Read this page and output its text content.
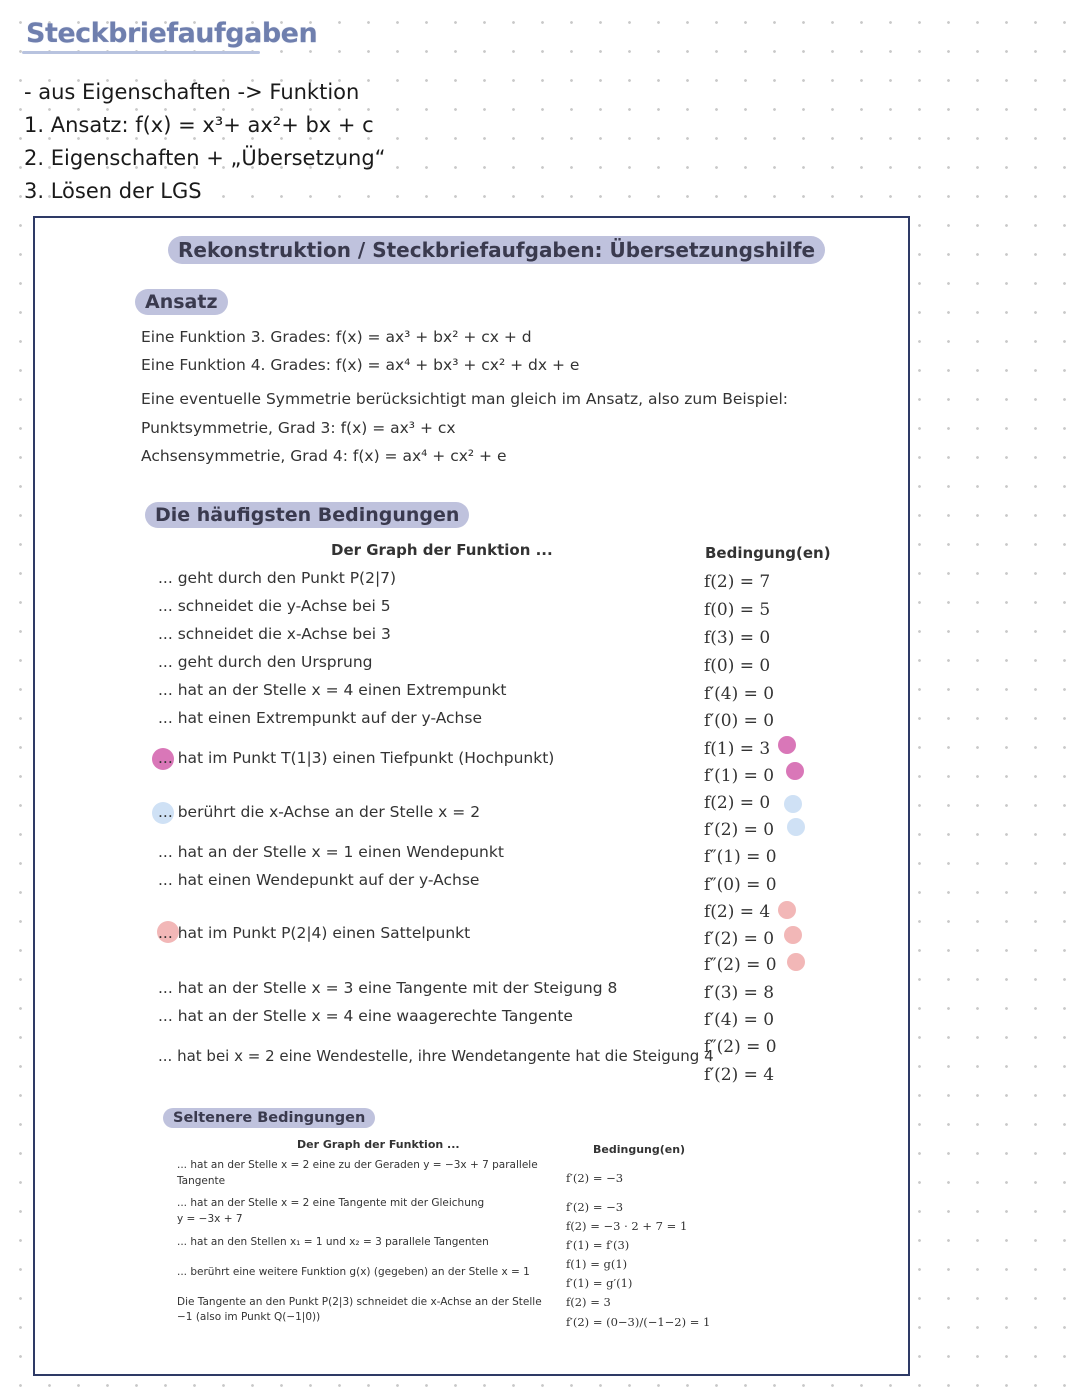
Steckbriefaufgaben
- aus Eigenschaften -> Funktion
1. Ansatz: f(x) = x³+ ax²+ bx + c
2. Eigenschaften + „Übersetzung“
3. Lösen der LGS
Rekonstruktion / Steckbriefaufgaben: Übersetzungshilfe
Ansatz
Eine Funktion 3. Grades: f(x) = ax³ + bx² + cx + d
Eine Funktion 4. Grades: f(x) = ax⁴ + bx³ + cx² + dx + e
Eine eventuelle Symmetrie berücksichtigt man gleich im Ansatz, also zum Beispiel:
Punktsymmetrie, Grad 3: f(x) = ax³ + cx
Achsensymmetrie, Grad 4: f(x) = ax⁴ + cx² + e
Die häufigsten Bedingungen
Der Graph der Funktion ...	Bedingung(en)
... geht durch den Punkt P(2|7)
... schneidet die y-Achse bei 5
... schneidet die x-Achse bei 3
... geht durch den Ursprung
... hat an der Stelle x = 4 einen Extrempunkt
... hat einen Extrempunkt auf der y-Achse
... hat im Punkt T(1|3) einen Tiefpunkt (Hochpunkt)
... berührt die x-Achse an der Stelle x = 2
... hat an der Stelle x = 1 einen Wendepunkt
... hat einen Wendepunkt auf der y-Achse
... hat im Punkt P(2|4) einen Sattelpunkt
... hat an der Stelle x = 3 eine Tangente mit der Steigung 8
... hat an der Stelle x = 4 eine waagerechte Tangente
... hat bei x = 2 eine Wendestelle, ihre Wendetangente hat die Steigung 4
f(2) = 7
f(0) = 5
f(3) = 0
f(0) = 0
f′(4) = 0
f′(0) = 0
f(1) = 3
f′(1) = 0
f(2) = 0
f′(2) = 0
f″(1) = 0
f″(0) = 0
f(2) = 4
f′(2) = 0
f″(2) = 0
f′(3) = 8
f′(4) = 0
f″(2) = 0
f′(2) = 4
Seltenere Bedingungen
Der Graph der Funktion ...	Bedingung(en)
... hat an der Stelle x = 2 eine zu der Geraden y = −3x + 7 parallele
Tangente
... hat an der Stelle x = 2 eine Tangente mit der Gleichung
y = −3x + 7
... hat an den Stellen x₁ = 1 und x₂ = 3 parallele Tangenten
... berührt eine weitere Funktion g(x) (gegeben) an der Stelle x = 1
Die Tangente an den Punkt P(2|3) schneidet die x-Achse an der Stelle
−1 (also im Punkt Q(−1|0))
f′(2) = −3
f′(2) = −3
f(2) = −3 · 2 + 7 = 1
f′(1) = f′(3)
f(1) = g(1)
f′(1) = g′(1)
f(2) = 3
f′(2) = (0−3)/(−1−2) = 1
